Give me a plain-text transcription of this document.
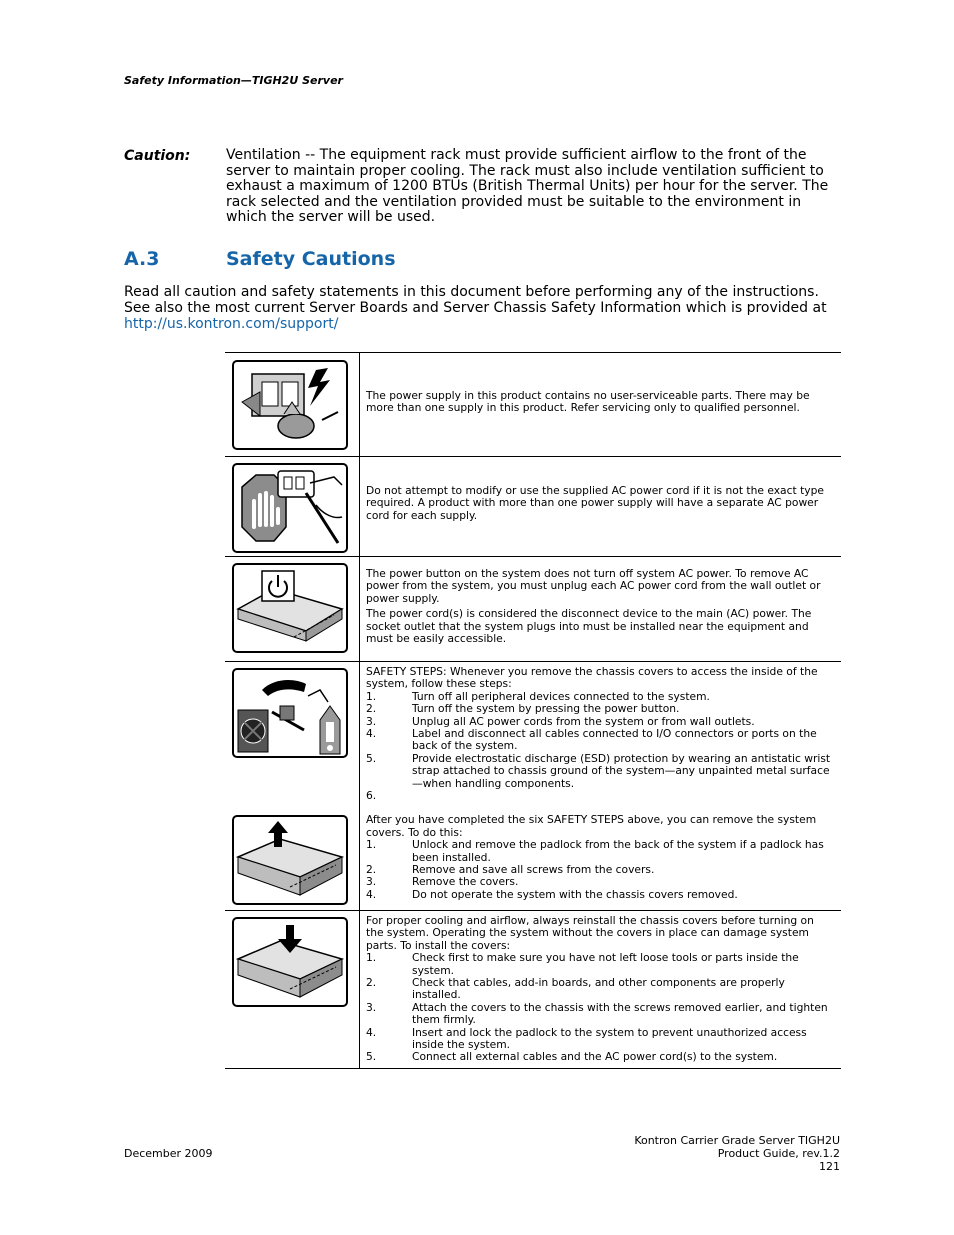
Safety Information—TIGH2U Server
Caution:	Ventilation -- The equipment rack must provide sufficient airflow to the front of the server to maintain proper cooling. The rack must also include ventilation sufficient to exhaust a maximum of 1200 BTUs (British Thermal Units) per hour for the server. The rack selected and the ventilation provided must be suitable to the environment in which the server will be used.
A.3	Safety Cautions
Read all caution and safety statements in this document before performing any of the instructions. See also the most current Server Boards and Server Chassis Safety Information which is provided at
http://us.kontron.com/support/

The power supply in this product contains no user-serviceable parts. There may be more than one supply in this product. Refer servicing only to qualified personnel.

Do not attempt to modify or use the supplied AC power cord if it is not the exact type required. A product with more than one power supply will have a separate AC power cord for each supply.

The power button on the system does not turn off system AC power. To remove AC power from the system, you must unplug each AC power cord from the wall outlet or power supply.

The power cord(s) is considered the disconnect device to the main (AC) power. The socket outlet that the system plugs into must be installed near the equipment and must be easily accessible.

SAFETY STEPS: Whenever you remove the chassis covers to access the inside of the system, follow these steps:

1.	Turn off all peripheral devices connected to the system.
2.	Turn off the system by pressing the power button.
3.	Unplug all AC power cords from the system or from wall outlets.
4.	Label and disconnect all cables connected to I/O connectors or ports on the back of the system.
5.	Provide electrostatic discharge (ESD) protection by wearing an antistatic wrist strap attached to chassis ground of the system—any unpainted metal surface—when handling components.
6.

After you have completed the six SAFETY STEPS above, you can remove the system covers. To do this:

1.	Unlock and remove the padlock from the back of the system if a padlock has been installed.
2.	Remove and save all screws from the covers.
3.	Remove the covers.
4.	Do not operate the system with the chassis covers removed.

For proper cooling and airflow, always reinstall the chassis covers before turning on the system. Operating the system without the covers in place can damage system parts. To install the covers:

1.	Check first to make sure you have not left loose tools or parts inside the system.
2.	Check that cables, add-in boards, and other components are properly installed.
3.	Attach the covers to the chassis with the screws removed earlier, and tighten them firmly.
4.	Insert and lock the padlock to the system to prevent unauthorized access inside the system.
5.	Connect all external cables and the AC power cord(s) to the system.
December 2009
Kontron Carrier Grade Server TIGH2U
Product Guide, rev.1.2
121
